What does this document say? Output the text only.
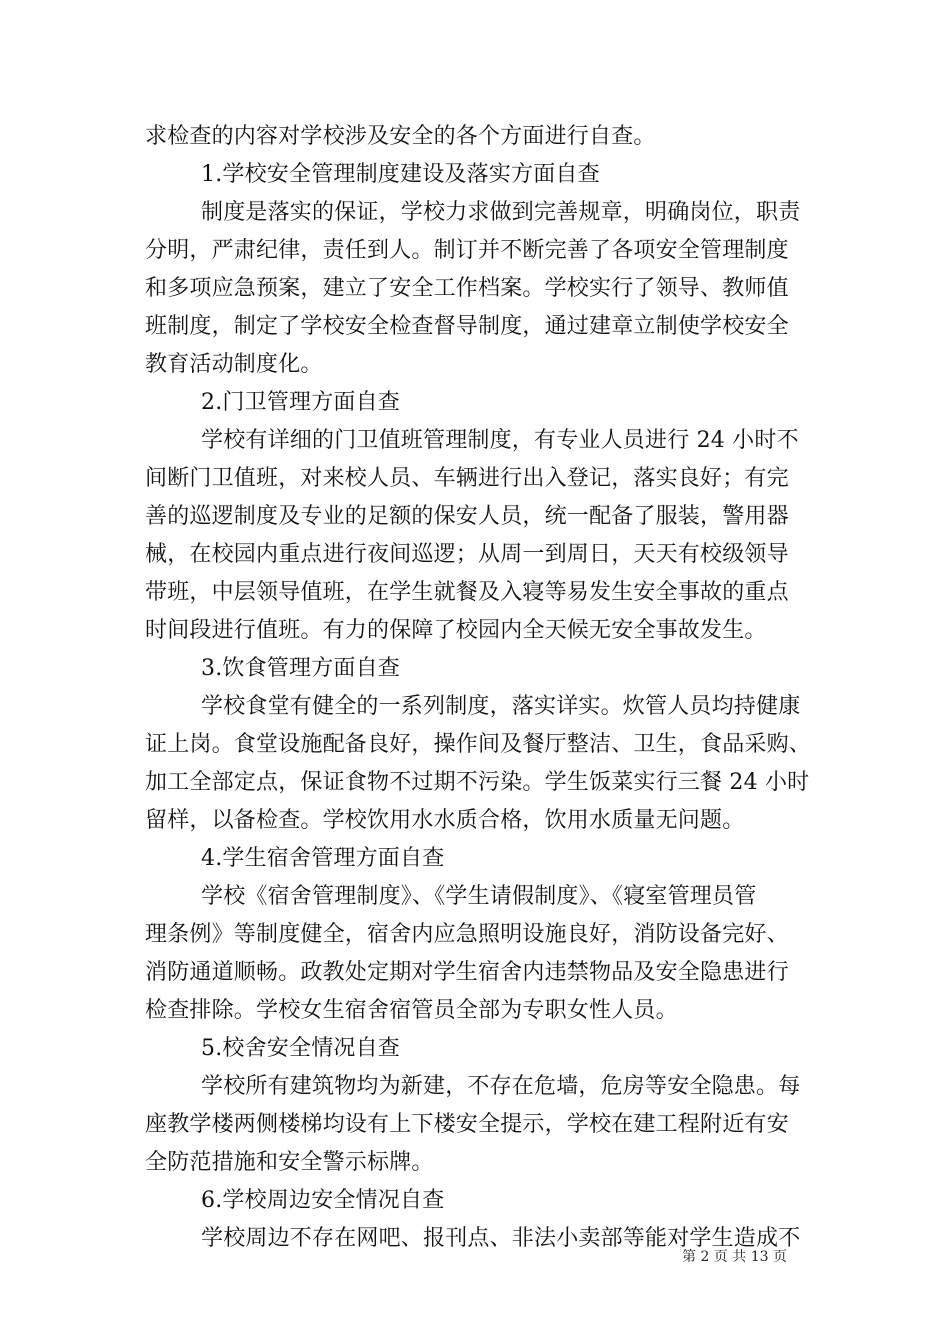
求检查的内容对学校涉及安全的各个方面进行自查。
1.学校安全管理制度建设及落实方面自查
制度是落实的保证，学校力求做到完善规章，明确岗位，职责
分明，严肃纪律，责任到人。制订并不断完善了各项安全管理制度
和多项应急预案，建立了安全工作档案。学校实行了领导、教师值
班制度，制定了学校安全检查督导制度，通过建章立制使学校安全
教育活动制度化。
2.门卫管理方面自查
学校有详细的门卫值班管理制度，有专业人员进行 24 小时不
间断门卫值班，对来校人员、车辆进行出入登记，落实良好；有完
善的巡逻制度及专业的足额的保安人员，统一配备了服装，警用器
械，在校园内重点进行夜间巡逻；从周一到周日，天天有校级领导
带班，中层领导值班，在学生就餐及入寝等易发生安全事故的重点
时间段进行值班。有力的保障了校园内全天候无安全事故发生。
3.饮食管理方面自查
学校食堂有健全的一系列制度，落实详实。炊管人员均持健康
证上岗。食堂设施配备良好，操作间及餐厅整洁、卫生，食品采购、
加工全部定点，保证食物不过期不污染。学生饭菜实行三餐 24 小时
留样，以备检查。学校饮用水水质合格，饮用水质量无问题。
4.学生宿舍管理方面自查
学校《宿舍管理制度》、《学生请假制度》、《寝室管理员管
理条例》等制度健全，宿舍内应急照明设施良好，消防设备完好、
消防通道顺畅。政教处定期对学生宿舍内违禁物品及安全隐患进行
检查排除。学校女生宿舍宿管员全部为专职女性人员。
5.校舍安全情况自查
学校所有建筑物均为新建，不存在危墙，危房等安全隐患。每
座教学楼两侧楼梯均设有上下楼安全提示，学校在建工程附近有安
全防范措施和安全警示标牌。
6.学校周边安全情况自查
学校周边不存在网吧、报刊点、非法小卖部等能对学生造成不
第 2 页 共 13 页
